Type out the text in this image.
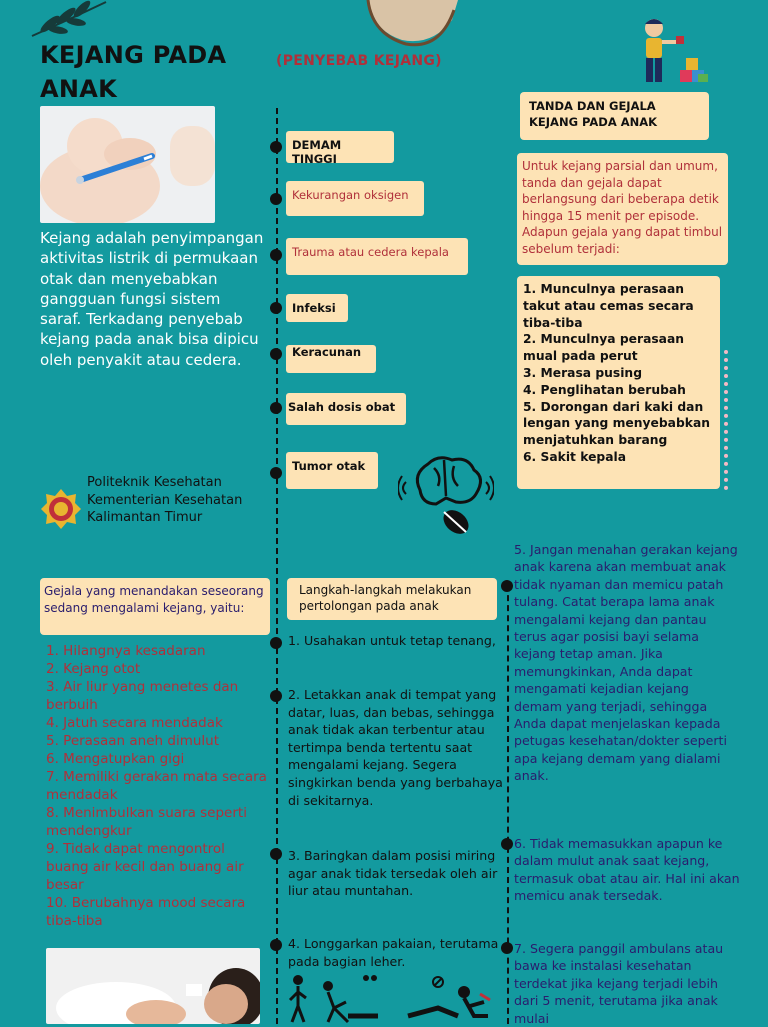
KEJANG PADA
ANAK
(PENYEBAB KEJANG)
Kejang adalah penyimpangan aktivitas listrik di permukaan otak dan menyebabkan gangguan fungsi sistem saraf. Terkadang penyebab kejang pada anak bisa dipicu oleh penyakit atau cedera.
Politeknik Kesehatan
Kementerian Kesehatan
Kalimantan Timur
DEMAM TINGGI
Kekurangan oksigen
Trauma atau cedera kepala
Infeksi
Keracunan
Salah dosis obat
Tumor otak
TANDA DAN GEJALA KEJANG PADA ANAK
Untuk kejang parsial dan umum, tanda dan gejala dapat berlangsung dari beberapa detik hingga 15 menit per episode. Adapun gejala yang dapat timbul sebelum terjadi:
1. Munculnya perasaan takut atau cemas secara tiba-tiba
2. Munculnya perasaan mual pada perut
3. Merasa pusing
4. Penglihatan berubah
5. Dorongan dari kaki dan lengan yang menyebabkan menjatuhkan barang
6. Sakit kepala
Gejala yang menandakan seseorang sedang mengalami kejang, yaitu:
1. Hilangnya kesadaran
2. Kejang otot
3. Air liur yang menetes dan berbuih
4. Jatuh secara mendadak
5. Perasaan aneh dimulut
6. Mengatupkan gigi
7. Memiliki gerakan mata secara mendadak
8. Menimbulkan suara seperti mendengkur
9. Tidak dapat mengontrol buang air kecil dan buang air besar
10. Berubahnya mood secara tiba-tiba
Langkah-langkah melakukan pertolongan pada anak
1. Usahakan untuk tetap tenang,
2. Letakkan anak di tempat yang datar, luas, dan bebas, sehingga anak tidak akan terbentur atau tertimpa benda tertentu saat mengalami kejang. Segera singkirkan benda yang berbahaya di sekitarnya.
3. Baringkan dalam posisi miring agar anak tidak tersedak oleh air liur atau muntahan.
4. Longgarkan pakaian, terutama pada bagian leher.
5. Jangan menahan gerakan kejang anak karena akan membuat anak tidak nyaman dan memicu patah tulang. Catat berapa lama anak mengalami kejang dan pantau terus agar posisi bayi selama kejang tetap aman. Jika memungkinkan, Anda dapat mengamati kejadian kejang demam yang terjadi, sehingga Anda dapat menjelaskan kepada petugas kesehatan/dokter seperti apa kejang demam yang dialami anak.
6. Tidak memasukkan apapun ke dalam mulut anak saat kejang, termasuk obat atau air. Hal ini akan memicu anak tersedak.
7. Segera panggil ambulans atau bawa ke instalasi kesehatan terdekat jika kejang terjadi lebih dari 5 menit, terutama jika anak mulai
